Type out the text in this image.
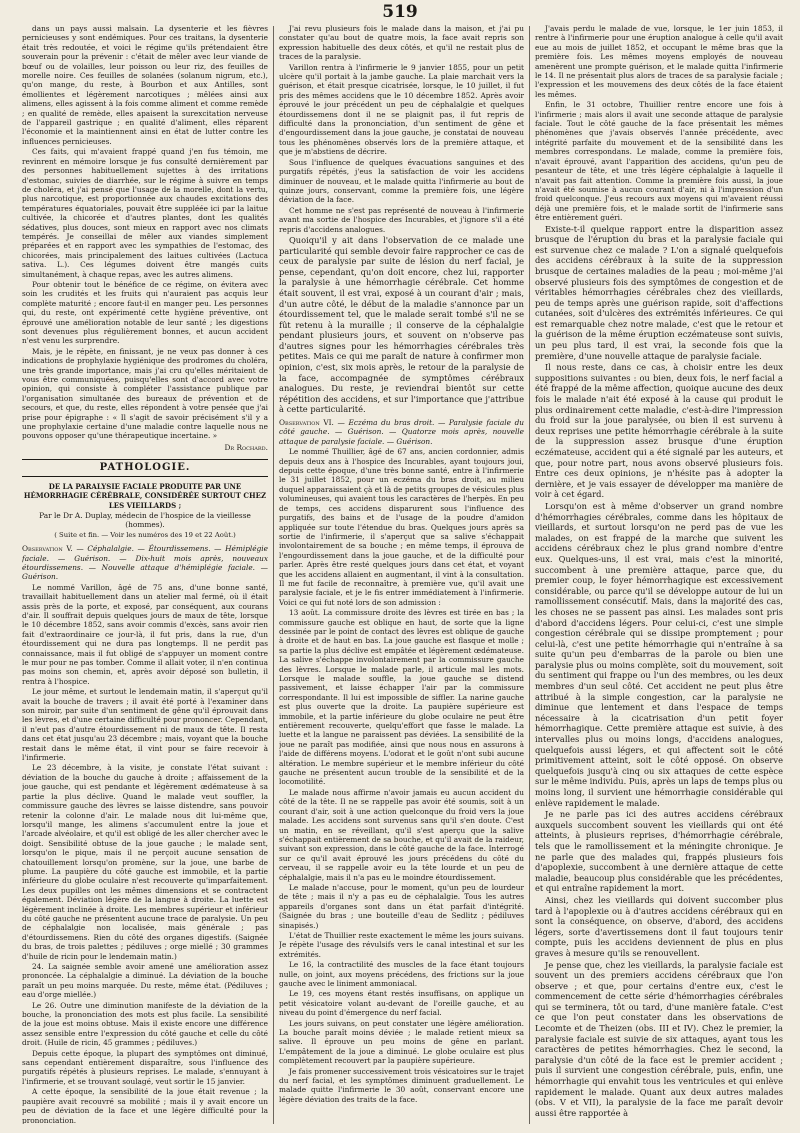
519

dans un pays aussi malsain. La dysenterie et les fièvres pernicieuses y sont endémiques. Pour ces traitans, la dysenterie était très redoutée, et voici le régime qu'ils prétendaient être souverain pour la prévenir : c'était de mêler avec leur viande de bœuf ou de volailles, leur poisson ou leur riz, des feuilles de morelle noire. Ces feuilles de solanées (solanum nigrum, etc.), qu'on mange, du reste, à Bourbon et aux Antilles, sont émollientes et légèrement narcotiques ; mêlées ainsi aux alimens, elles agissent à la fois comme aliment et comme remède ; en qualité de remède, elles apaisent la surexcitation nerveuse de l'appareil gastrique ; en qualité d'aliment, elles réparent l'économie et la maintiennent ainsi en état de lutter contre les influences pernicieuses.

Ces faits, qui m'avaient frappé quand j'en fus témoin, me revinrent en mémoire lorsque je fus consulté dernièrement par des personnes habituellement sujettes à des irritations d'estomac, suivies de diarrhée, sur le régime à suivre en temps de choléra, et j'ai pensé que l'usage de la morelle, dont la vertu, plus narcotique, est proportionnée aux chaudes excitations des températures équatoriales, pouvait être suppléée ici par la laitue cultivée, la chicorée et d'autres plantes, dont les qualités sédatives, plus douces, sont mieux en rapport avec nos climats tempérés. Je conseillai de mêler aux viandes simplement préparées et en rapport avec les sympathies de l'estomac, des chicorées, mais principalement des laitues cultivées (Lactuca sativa. L.). Ces légumes doivent être mangés cuits simultanément, à chaque repas, avec les autres alimens.

Pour obtenir tout le bénéfice de ce régime, on évitera avec soin les crudités et les fruits qui n'auraient pas acquis leur complète maturité ; encore faut-il en manger peu. Les personnes qui, du reste, ont expérimenté cette hygiène préventive, ont éprouvé une amélioration notable de leur santé ; les digestions sont devenues plus régulièrement bonnes, et aucun accident n'est venu les surprendre.

Mais, je le répète, en finissant, je ne veux pas donner à ces indications de prophylaxie hygiénique des prodromes du choléra, une très grande importance, mais j'ai cru qu'elles méritaient de vous être communiquées, puisqu'elles sont d'accord avec votre opinion, qui consiste à compléter l'assistance publique par l'organisation simultanée des bureaux de prévention et de secours, et que, du reste, elles répondent à votre pensée que j'ai prise pour épigraphe : « Il s'agit de savoir précisément s'il y a une prophylaxie certaine d'une maladie contre laquelle nous ne pouvons opposer qu'une thérapeutique incertaine. »

Dr Rochard.

PATHOLOGIE.

DE LA PARALYSIE FACIALE PRODUITE PAR UNE HÉMORRHAGIE CÉRÉBRALE, CONSIDÉRÉE SURTOUT CHEZ LES VIEILLARDS ;

Par le Dr A. Duplay, médecin de l'hospice de la vieillesse (hommes).

( Suite et fin. — Voir les numéros des 19 et 22 Août.)

Observation V. — Céphalalgie. — Étourdissemens. — Hémiplégie faciale. — Guérison. — Dix-huit mois après, nouveaux étourdissemens. — Nouvelle attaque d'hémiplégie faciale. — Guérison.

Le nommé Varillon, âgé de 75 ans, d'une bonne santé, travaillait habituellement dans un atelier mal fermé, où il était assis près de la porte, et exposé, par conséquent, aux courans d'air. Il souffrait depuis quelques jours de maux de tête, lorsque le 10 décembre 1852, sans avoir commis d'excès, sans avoir rien fait d'extraordinaire ce jour-là, il fut pris, dans la rue, d'un étourdissement qui ne dura pas longtemps. Il ne perdit pas connaissance, mais il fut obligé de s'appuyer un moment contre le mur pour ne pas tomber. Comme il allait voter, il n'en continua pas moins son chemin, et, après avoir déposé son bulletin, il rentra à l'hospice.

Le jour même, et surtout le lendemain matin, il s'aperçut qu'il avait la bouche de travers ; il avait été porté à l'examiner dans son miroir, par suite d'un sentiment de gêne qu'il éprouvait dans les lèvres, et d'une certaine difficulté pour prononcer. Cependant, il n'eut pas d'autre étourdissement ni de maux de tête. Il resta dans cet état jusqu'au 23 décembre ; mais, voyant que la bouche restait dans le même état, il vint pour se faire recevoir à l'infirmerie.

Le 23 décembre, à la visite, je constate l'état suivant : déviation de la bouche du gauche à droite ; affaissement de la joue gauche, qui est pendante et légèrement œdémateuse à sa partie la plus déclive. Quand le malade veut souffler, la commissure gauche des lèvres se laisse distendre, sans pouvoir retenir la colonne d'air. Le malade nous dit lui-même que, lorsqu'il mange, les alimens s'accumulent entre la joue et l'arcade alvéolaire, et qu'il est obligé de les aller chercher avec le doigt. Sensibilité obtuse de la joue gauche ; le malade sent, lorsqu'on le pique, mais il ne perçoit aucune sensation de chatouillement lorsqu'on promène, sur la joue, une barbe de plume. La paupière du côté gauche est immobile, et la partie inférieure du globe oculaire n'est recouverte qu'imparfaitement. Les deux pupilles ont les mêmes dimensions et se contractent également. Déviation légère de la langue à droite. La luette est légèrement inclinée à droite. Les membres supérieur et inférieur du côté gauche ne présentent aucune trace de paralysie. Un peu de céphalalgie non localisée, mais générale ; pas d'étourdissemens. Rien du côté des organes digestifs. (Saignée du bras, de trois palettes ; pédiluves ; orge miellé ; 30 grammes d'huile de ricin pour le lendemain matin.)

24. La saignée semble avoir amené une amélioration assez prononcée. La céphalalgie a diminué. La déviation de la bouche paraît un peu moins marquée. Du reste, même état. (Pédiluves ; eau d'orge miellée.)

Le 26. Outre une diminution manifeste de la déviation de la bouche, la prononciation des mots est plus facile. La sensibilité de la joue est moins obtuse. Mais il existe encore une différence assez sensible entre l'expression du côté gauche et celle du côté droit. (Huile de ricin, 45 grammes ; pédiluves.)

Depuis cette époque, la plupart des symptômes ont diminué, sans cependant entièrement disparaître, sous l'influence des purgatifs répétés à plusieurs reprises. Le malade, s'ennuyant à l'infirmerie, et se trouvant soulagé, veut sortir le 15 janvier.

A cette époque, la sensibilité de la joue était revenue ; la paupière avait recouvré sa mobilité ; mais il y avait encore un peu de déviation de la face et une légère difficulté pour la prononciation.

J'ai revu plusieurs fois le malade dans la maison, et j'ai pu constater qu'au bout de quatre mois, la face avait repris son expression habituelle des deux côtés, et qu'il ne restait plus de traces de la paralysie.

Varillon rentra à l'infirmerie le 9 janvier 1855, pour un petit ulcère qu'il portait à la jambe gauche. La plaie marchait vers la guérison, et était presque cicatrisée, lorsque, le 10 juillet, il fut pris des mêmes accidens que le 10 décembre 1852. Après avoir éprouvé le jour précédent un peu de céphalalgie et quelques étourdissemens dont il ne se plaignit pas, il fut repris de difficulté dans la prononciation, d'un sentiment de gêne et d'engourdissement dans la joue gauche, je constatai de nouveau tous les phénomènes observés lors de la première attaque, et que je m'abstiens de décrire.

Sous l'influence de quelques évacuations sanguines et des purgatifs répétés, j'eus la satisfaction de voir les accidens diminuer de nouveau, et le malade quitta l'infirmerie au bout de quinze jours, conservant, comme la première fois, une légère déviation de la face.

Cet homme ne s'est pas représenté de nouveau à l'infirmerie avant ma sortie de l'hospice des Incurables, et j'ignore s'il a été repris d'accidens analogues.

Quoiqu'il y ait dans l'observation de ce malade une particularité qui semble devoir faire rapprocher ce cas de ceux de paralysie par suite de lésion du nerf facial, je pense, cependant, qu'on doit encore, chez lui, rapporter la paralysie à une hémorrhagie cérébrale. Cet homme était souvent, il est vrai, exposé à un courant d'air ; mais, d'un autre côté, le début de la maladie s'annonce par un étourdissement tel, que le malade serait tombé s'il ne se fût retenu à la muraille ; il conserve de la céphalalgie pendant plusieurs jours, et souvent on n'observe pas d'autres signes pour les hémorrhagies cérébrales très petites. Mais ce qui me paraît de nature à confirmer mon opinion, c'est, six mois après, le retour de la paralysie de la face, accompagnée de symptômes cérébraux analogues. Du reste, je reviendrai bientôt sur cette répétition des accidens, et sur l'importance que j'attribue à cette particularité.

Observation VI. — Eczéma du bras droit. — Paralysie faciale du côté gauche. — Guérison. — Quatorze mois après, nouvelle attaque de paralysie faciale. — Guérison.

Le nommé Thuillier, âgé de 67 ans, ancien cordonnier, admis depuis deux ans à l'hospice des Incurables, ayant toujours joui, depuis cette époque, d'une très bonne santé, entre à l'infirmerie le 31 juillet 1852, pour un eczéma du bras droit, au milieu duquel apparaissaient çà et là de petits groupes de vésicules plus volumineuses, qui avaient tous les caractères de l'herpès. En peu de temps, ces accidens disparurent sous l'influence des purgatifs, des bains et de l'usage de la poudre d'amidon appliquée sur toute l'étendue du bras. Quelques jours après sa sortie de l'infirmerie, il s'aperçut que sa salive s'échappait involontairement de sa bouche ; en même temps, il éprouva de l'engourdissement dans la joue gauche, et de la difficulté pour parler. Après être resté quelques jours dans cet état, et voyant que les accidens allaient en augmentant, il vint à la consultation. Il me fut facile de reconnaître, à première vue, qu'il avait une paralysie faciale, et je le fis entrer immédiatement à l'infirmerie. Voici ce qui fut noté lors de son admission :

13 août. La commissure droite des lèvres est tirée en bas ; la commissure gauche est oblique en haut, de sorte que la ligne dessinée par le point de contact des lèvres est oblique de gauche à droite et de haut en bas. La joue gauche est flasque et molle ; sa partie la plus déclive est empâtée et légèrement œdémateuse. La salive s'échappe involontairement par la commissure gauche des lèvres. Lorsque le malade parle, il articule mal les mots. Lorsque le malade souffle, la joue gauche se distend passivement, et laisse échapper l'air par la commissure correspondante. Il lui est impossible de siffler. La narine gauche est plus ouverte que la droite. La paupière supérieure est immobile, et la partie inférieure du globe oculaire ne peut être entièrement recouverte, quelqu'effort que fasse le malade. La luette et la langue ne paraissent pas déviées. La sensibilité de la joue ne paraît pas modifiée, ainsi que nous nous en assurons à l'aide de différens moyens. L'odorat et le goût n'ont subi aucune altération. Le membre supérieur et le membre inférieur du côté gauche ne présentent aucun trouble de la sensibilité et de la locomotilité.

Le malade nous affirme n'avoir jamais eu aucun accident du côté de la tête. Il ne se rappelle pas avoir été soumis, soit à un courant d'air, soit à une action quelconque du froid vers la joue malade. Les accidens sont survenus sans qu'il s'en doute. C'est un matin, en se réveillant, qu'il s'est aperçu que la salive s'échappait entièrement de sa bouche, et qu'il avait de la raideur, suivant son expression, dans le côté gauche de la face. Interrogé sur ce qu'il avait éprouvé les jours précédens du côté du cerveau, il se rappelle avoir eu la tête lourde et un peu de céphalalgie, mais il n'a pas eu le moindre étourdissement.

Le malade n'accuse, pour le moment, qu'un peu de lourdeur de tête ; mais il n'y a pas eu de céphalalgie. Tous les autres appareils d'organes sont dans un état parfait d'intégrité. (Saignée du bras ; une bouteille d'eau de Sedlitz ; pédiluves sinapisés.)

L'état de Thuillier reste exactement le même les jours suivans. Je répète l'usage des révulsifs vers le canal intestinal et sur les extrémités.

Le 16, la contractilité des muscles de la face étant toujours nulle, on joint, aux moyens précédens, des frictions sur la joue gauche avec le liniment ammoniacal.

Le 19, ces moyens étant restés insuffisans, on applique un petit vésicatoire volant au-devant de l'oreille gauche, et au niveau du point d'émergence du nerf facial.

Les jours suivans, on peut constater une légère amélioration. La bouche paraît moins déviée ; le malade retient mieux sa salive. Il éprouve un peu moins de gêne en parlant. L'empâtement de la joue a diminué. Le globe oculaire est plus complètement recouvert par la paupière supérieure.

Je fais promener successivement trois vésicatoires sur le trajet du nerf facial, et les symptômes diminuent graduellement. Le malade quitte l'infirmerie le 30 août, conservant encore une légère déviation des traits de la face.

J'avais perdu le malade de vue, lorsque, le 1er juin 1853, il rentre à l'infirmerie pour une éruption analogue à celle qu'il avait eue au mois de juillet 1852, et occupant le même bras que la première fois. Les mêmes moyens employés de nouveau amenèrent une prompte guérison, et le malade quitta l'infirmerie le 14. Il ne présentait plus alors de traces de sa paralysie faciale ; l'expression et les mouvemens des deux côtés de la face étaient les mêmes.

Enfin, le 31 octobre, Thuillier rentre encore une fois à l'infirmerie ; mais alors il avait une seconde attaque de paralysie faciale. Tout le côté gauche de la face présentait les mêmes phénomènes que j'avais observés l'année précédente, avec intégrité parfaite du mouvement et de la sensibilité dans les membres correspondans. Le malade, comme la première fois, n'avait éprouvé, avant l'apparition des accidens, qu'un peu de pesanteur de tête, et une très légère céphalalgie à laquelle il n'avait pas fait attention. Comme la première fois aussi, la joue n'avait été soumise à aucun courant d'air, ni à l'impression d'un froid quelconque. J'eus recours aux moyens qui m'avaient réussi déjà une première fois, et le malade sortit de l'infirmerie sans être entièrement guéri.

Existe-t-il quelque rapport entre la disparition assez brusque de l'éruption du bras et la paralysie faciale qui est survenue chez ce malade ? L'on a signalé quelquefois des accidens cérébraux à la suite de la suppression brusque de certaines maladies de la peau ; moi-même j'ai observé plusieurs fois des symptômes de congestion et de véritables hémorrhagies cérébrales chez des vieillards, peu de temps après une guérison rapide, soit d'affections cutanées, soit d'ulcères des extrémités inférieures. Ce qui est remarquable chez notre malade, c'est que le retour et la guérison de la même éruption eczémateuse sont suivis, un peu plus tard, il est vrai, la seconde fois que la première, d'une nouvelle attaque de paralysie faciale.

Il nous reste, dans ce cas, à choisir entre les deux suppositions suivantes : ou bien, deux fois, le nerf facial a été frappé de la même affection, quoique aucune des deux fois le malade n'ait été exposé à la cause qui produit le plus ordinairement cette maladie, c'est-à-dire l'impression du froid sur la joue paralysée, ou bien il est survenu à deux reprises une petite hémorrhagie cérébrale à la suite de la suppression assez brusque d'une éruption eczémateuse, accident qui a été signalé par les auteurs, et que, pour notre part, nous avons observé plusieurs fois. Entre ces deux opinions, je n'hésite pas à adopter la dernière, et je vais essayer de développer ma manière de voir à cet égard.

Lorsqu'on est à même d'observer un grand nombre d'hémorrhagies cérébrales, comme dans les hôpitaux de vieillards, et surtout lorsqu'on ne perd pas de vue les malades, on est frappé de la marche que suivent les accidens cérébraux chez le plus grand nombre d'entre eux. Quelques-uns, il est vrai, mais c'est la minorité, succombent à une première attaque, parce que, du premier coup, le foyer hémorrhagique est excessivement considérable, ou parce qu'il se développe autour de lui un ramollissement consécutif. Mais, dans la majorité des cas, les choses ne se passent pas ainsi. Les malades sont pris d'abord d'accidens légers. Pour celui-ci, c'est une simple congestion cérébrale qui se dissipe promptement ; pour celui-là, c'est une petite hémorrhagie qui n'entraîne à sa suite qu'un peu d'embarras de la parole ou bien une paralysie plus ou moins complète, soit du mouvement, soit du sentiment qui frappe ou l'un des membres, ou les deux membres d'un seul côté. Cet accident ne peut plus être attribué à la simple congestion, car la paralysie ne diminue que lentement et dans l'espace de temps nécessaire à la cicatrisation d'un petit foyer hémorrhagique. Cette première attaque est suivie, à des intervalles plus ou moins longs, d'accidens analogues, quelquefois aussi légers, et qui affectent soit le côté primitivement atteint, soit le côté opposé. On observe quelquefois jusqu'à cinq ou six attaques de cette espèce sur le même individu. Puis, après un laps de temps plus ou moins long, il survient une hémorrhagie considérable qui enlève rapidement le malade.

Je ne parle pas ici des autres accidens cérébraux auxquels succombent souvent les vieillards qui ont été atteints, à plusieurs reprises, d'hémorrhagie cérébrale, tels que le ramollissement et la méningite chronique. Je ne parle que des malades qui, frappés plusieurs fois d'apoplexie, succombent à une dernière attaque de cette maladie, beaucoup plus considérable que les précédentes, et qui entraîne rapidement la mort.

Ainsi, chez les vieillards qui doivent succomber plus tard à l'apoplexie ou à d'autres accidens cérébraux qui en sont la conséquence, on observe, d'abord, des accidens légers, sorte d'avertissemens dont il faut toujours tenir compte, puis les accidens deviennent de plus en plus graves à mesure qu'ils se renouvellent.

Je pense que, chez les vieillards, la paralysie faciale est souvent un des premiers accidens cérébraux que l'on observe ; et que, pour certains d'entre eux, c'est le commencement de cette série d'hémorrhagies cérébrales qui se terminera, tôt ou tard, d'une manière fatale. C'est ce que l'on peut constater dans les observations de Lecomte et de Theizen (obs. III et IV). Chez le premier, la paralysie faciale est suivie de six attaques, ayant tous les caractères de petites hémorrhagies. Chez le second, la paralysie d'un côté de la face est le premier accident ; puis il survient une congestion cérébrale, puis, enfin, une hémorrhagie qui envahit tous les ventricules et qui enlève rapidement le malade. Quant aux deux autres malades (obs. V et VII), la paralysie de la face me paraît devoir aussi être rapportée à
